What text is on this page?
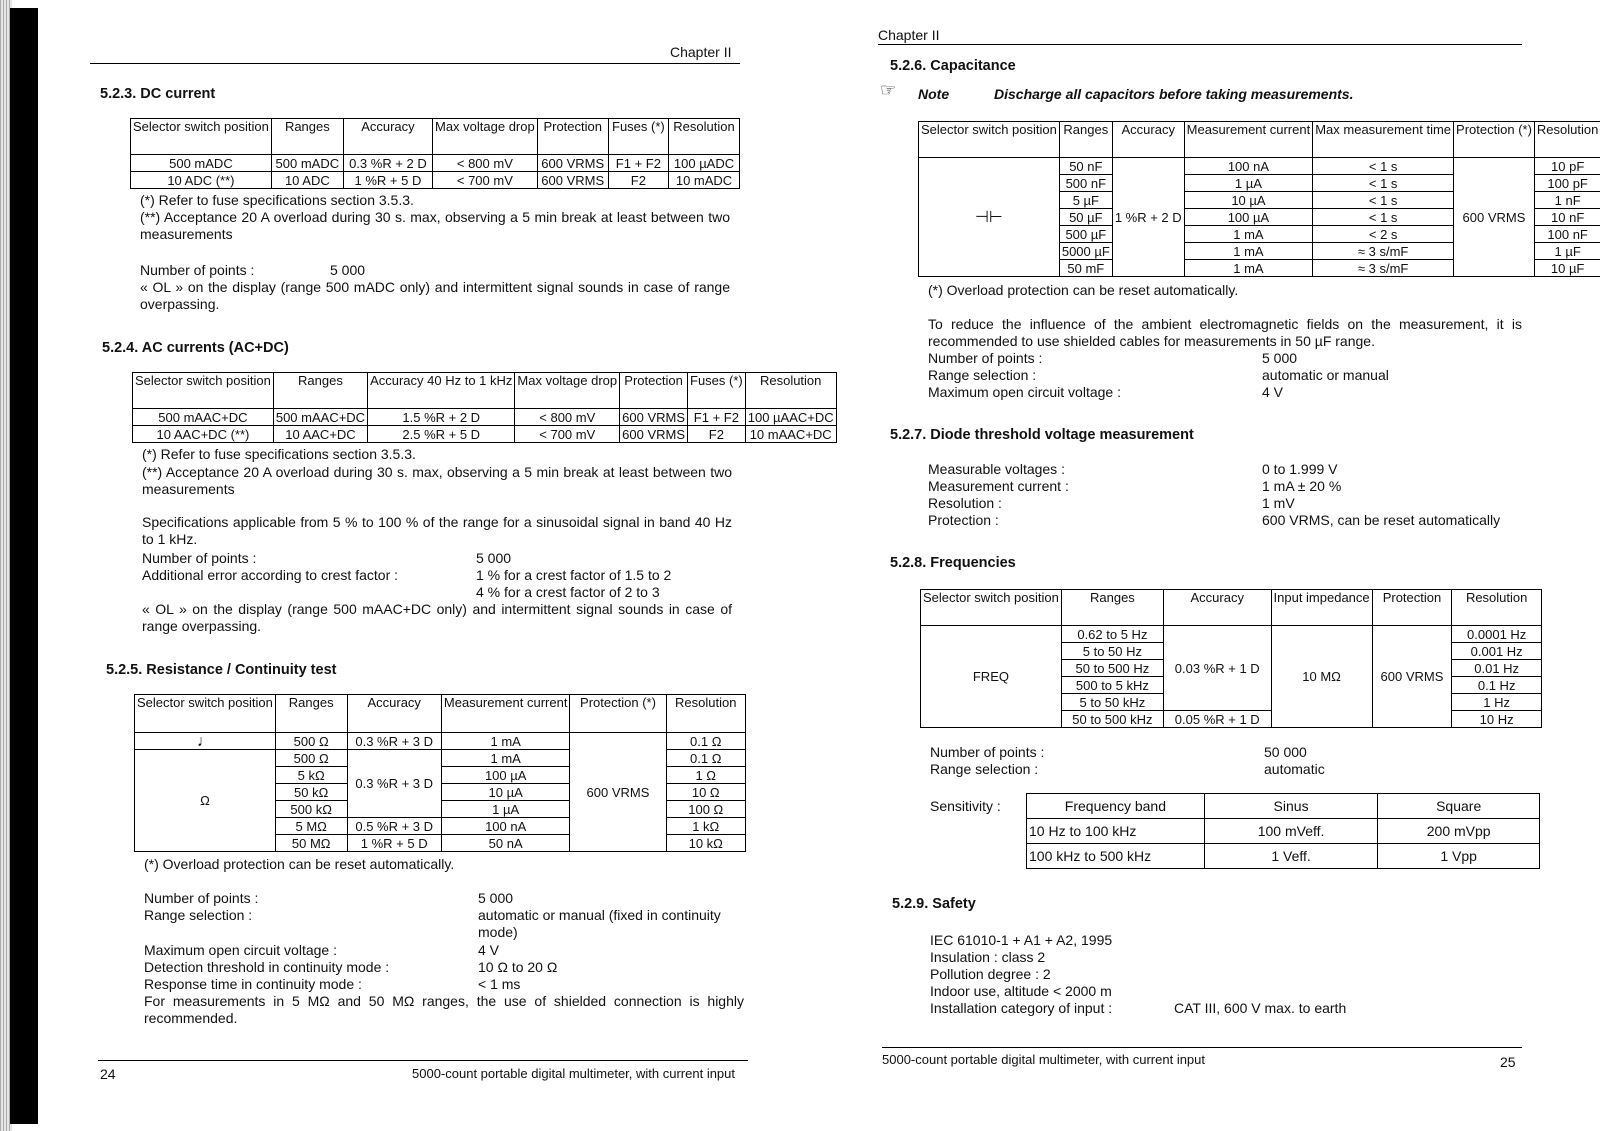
Chapter II
5.2.3. DC current
Selector switch position	Ranges	Accuracy	Max voltage drop	Protection	Fuses (*)	Resolution
500 mADC	500 mADC	0.3 %R + 2 D	< 800 mV	600 VRMS	F1 + F2	100 µADC
10 ADC (**)	10 ADC	1 %R + 5 D	< 700 mV	600 VRMS	F2	10 mADC
(*) Refer to fuse specifications section 3.5.3.
(**) Acceptance 20 A overload during 30 s. max, observing a 5 min break at least between two measurements
Number of points :	5 000
« OL » on the display (range 500 mADC only) and intermittent signal sounds in case of range overpassing.
5.2.4. AC currents (AC+DC)
Selector switch position	Ranges	Accuracy 40 Hz to 1 kHz	Max voltage drop	Protection	Fuses (*)	Resolution
500 mAAC+DC	500 mAAC+DC	1.5 %R + 2 D	< 800 mV	600 VRMS	F1 + F2	100 µAAC+DC
10 AAC+DC (**)	10 AAC+DC	2.5 %R + 5 D	< 700 mV	600 VRMS	F2	10 mAAC+DC
(*) Refer to fuse specifications section 3.5.3.
(**) Acceptance 20 A overload during 30 s. max, observing a 5 min break at least between two measurements
Specifications applicable from 5 % to 100 % of the range for a sinusoidal signal in band 40 Hz to 1 kHz.
Number of points :	5 000
Additional error according to crest factor :	1 % for a crest factor of 1.5 to 2
4 % for a crest factor of 2 to 3
« OL » on the display (range 500 mAAC+DC only) and intermittent signal sounds in case of range overpassing.
5.2.5. Resistance / Continuity test
Selector switch position	Ranges	Accuracy	Measurement current	Protection (*)	Resolution
♩	500 Ω	0.3 %R + 3 D	1 mA	600 VRMS	0.1 Ω
Ω	500 Ω	0.3 %R + 3 D	1 mA		0.1 Ω
	5 kΩ		100 µA		1 Ω
	50 kΩ		10 µA		10 Ω
	500 kΩ		1 µA		100 Ω
	5 MΩ	0.5 %R + 3 D	100 nA		1 kΩ
	50 MΩ	1 %R + 5 D	50 nA		10 kΩ
(*) Overload protection can be reset automatically.
Number of points :	5 000
Range selection :	automatic or manual (fixed in continuity mode)
Maximum open circuit voltage :	4 V
Detection threshold in continuity mode :	10 Ω to 20 Ω
Response time in continuity mode :	< 1 ms
For measurements in 5 MΩ and 50 MΩ ranges, the use of shielded connection is highly recommended.
24	5000-count portable digital multimeter, with current input
Chapter II
5.2.6. Capacitance
☞ Note	Discharge all capacitors before taking measurements.
Selector switch position	Ranges	Accuracy	Measurement current	Max measurement time	Protection (*)	Resolution
⊣⊢	50 nF	1 %R + 2 D	100 nA	< 1 s	600 VRMS	10 pF
	500 nF		1 µA	< 1 s		100 pF
	5 µF		10 µA	< 1 s		1 nF
	50 µF		100 µA	< 1 s		10 nF
	500 µF		1 mA	< 2 s		100 nF
	5000 µF		1 mA	≈ 3 s/mF		1 µF
	50 mF		1 mA	≈ 3 s/mF		10 µF
(*) Overload protection can be reset automatically.
To reduce the influence of the ambient electromagnetic fields on the measurement, it is recommended to use shielded cables for measurements in 50 µF range.
Number of points :	5 000
Range selection :	automatic or manual
Maximum open circuit voltage :	4 V
5.2.7. Diode threshold voltage measurement
Measurable voltages :	0 to 1.999 V
Measurement current :	1 mA ± 20 %
Resolution :	1 mV
Protection :	600 VRMS, can be reset automatically
5.2.8. Frequencies
Selector switch position	Ranges	Accuracy	Input impedance	Protection	Resolution
FREQ	0.62 to 5 Hz	0.03 %R + 1 D	10 MΩ	600 VRMS	0.0001 Hz
	5 to 50 Hz				0.001 Hz
	50 to 500 Hz				0.01 Hz
	500 to 5 kHz				0.1 Hz
	5 to 50 kHz				1 Hz
	50 to 500 kHz	0.05 %R + 1 D			10 Hz
Number of points :	50 000
Range selection :	automatic
Sensitivity :	Frequency band	Sinus	Square
10 Hz to 100 kHz	100 mVeff.	200 mVpp
100 kHz to 500 kHz	1 Veff.	1 Vpp
5.2.9. Safety
IEC 61010-1 + A1 + A2, 1995
Insulation : class 2
Pollution degree : 2
Indoor use, altitude < 2000 m
Installation category of input :	CAT III, 600 V max. to earth
5000-count portable digital multimeter, with current input	25
